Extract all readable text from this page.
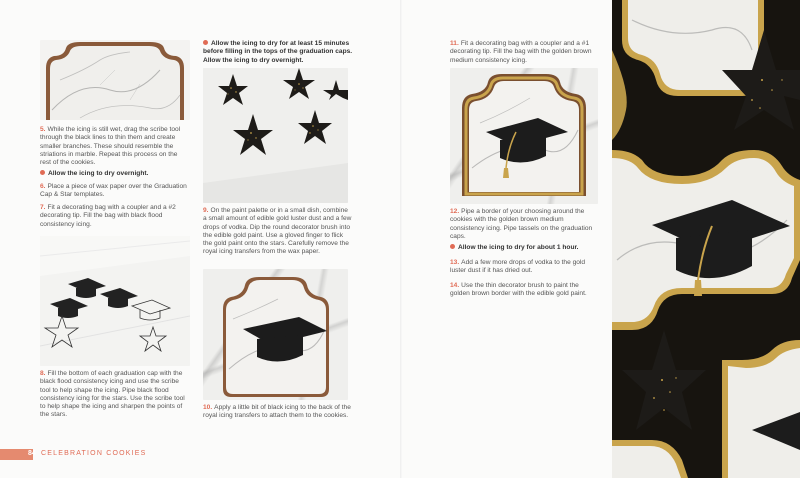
5. While the icing is still wet, drag the scribe tool through the black lines to thin them and create smaller branches. These should resemble the striations in marble. Repeat this process on the rest of the cookies.
Allow the icing to dry overnight.
6. Place a piece of wax paper over the Graduation Cap & Star templates.
7. Fit a decorating bag with a coupler and a #2 decorating tip. Fill the bag with black flood consistency icing.
8. Fill the bottom of each graduation cap with the black flood consistency icing and use the scribe tool to help shape the icing. Pipe black flood consistency icing for the stars. Use the scribe tool to help shape the icing and sharpen the points of the stars.
Allow the icing to dry for at least 15 minutes before filling in the tops of the graduation caps. Allow the icing to dry overnight.
9. On the paint palette or in a small dish, combine a small amount of edible gold luster dust and a few drops of vodka. Dip the round decorator brush into the edible gold paint. Use a gloved finger to flick the gold paint onto the stars. Carefully remove the royal icing transfers from the wax paper.
10. Apply a little bit of black icing to the back of the royal icing transfers to attach them to the cookies.
11. Fit a decorating bag with a coupler and a #1 decorating tip. Fill the bag with the golden brown medium consistency icing.
12. Pipe a border of your choosing around the cookies with the golden brown medium consistency icing. Pipe tassels on the graduation caps.
Allow the icing to dry for about 1 hour.
13. Add a few more drops of vodka to the gold luster dust if it has dried out.
14. Use the thin decorator brush to paint the golden brown border with the edible gold paint.
84 CELEBRATION COOKIES
